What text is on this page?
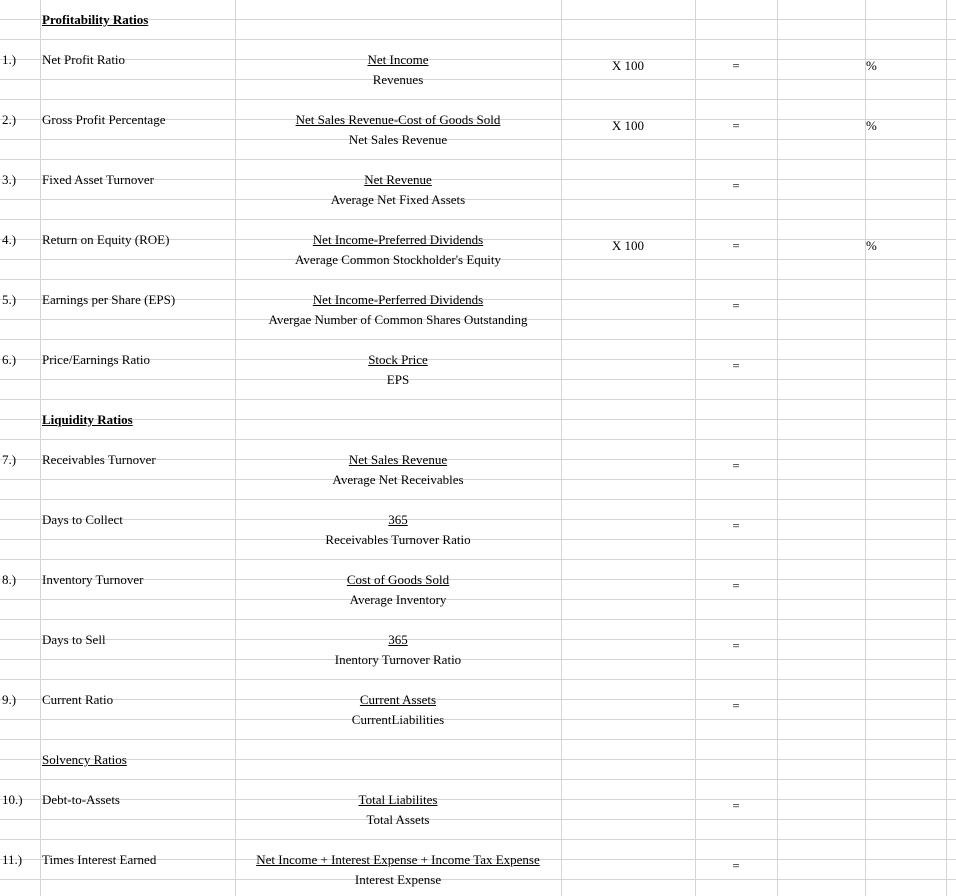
Profitability Ratios
1.) Net Profit Ratio	Net Income
Revenues
X 100	=	%
2.) Gross Profit Percentage	Net Sales Revenue-Cost of Goods Sold
Net Sales Revenue
X 100	=	%
3.) Fixed Asset Turnover	Net Revenue
Average Net Fixed Assets
=
4.) Return on Equity (ROE)	Net Income-Preferred Dividends
Average Common Stockholder's Equity
X 100	=	%
5.) Earnings per Share (EPS)	Net Income-Perferred Dividends
Avergae Number of Common Shares Outstanding
=
6.) Price/Earnings Ratio	Stock Price
EPS
=
Liquidity Ratios
7.) Receivables Turnover	Net Sales Revenue
Average Net Receivables
=
Days to Collect	365
Receivables Turnover Ratio
=
8.) Inventory Turnover	Cost of Goods Sold
Average Inventory
=
Days to Sell	365
Inentory Turnover Ratio
=
9.) Current Ratio	Current Assets
CurrentLiabilities
=
Solvency Ratios
10.) Debt-to-Assets	Total Liabilites
Total Assets
=
11.) Times Interest Earned	Net Income + Interest Expense + Income Tax Expense
Interest Expense
=
